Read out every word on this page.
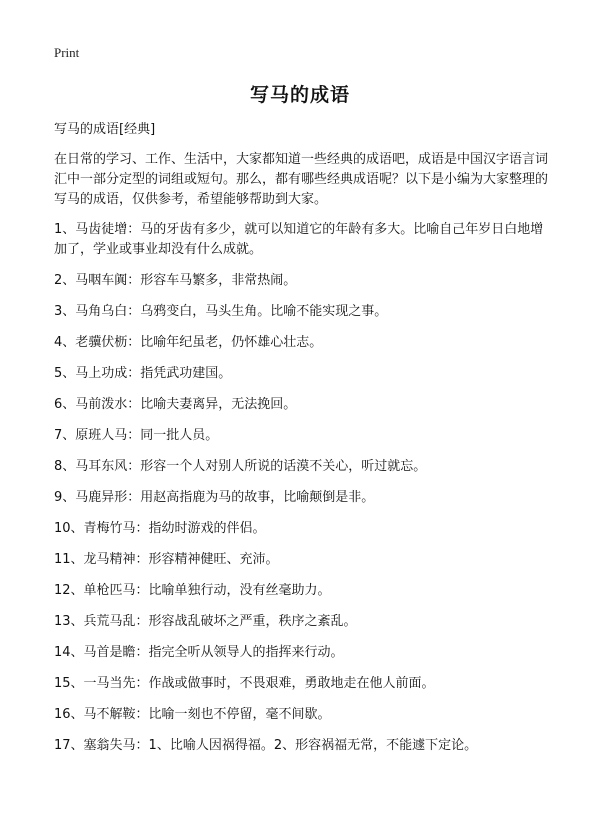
Print
写马的成语

写马的成语[经典]

在日常的学习、工作、生活中，大家都知道一些经典的成语吧，成语是中国汉字语言词汇中一部分定型的词组或短句。那么，都有哪些经典成语呢？以下是小编为大家整理的写马的成语，仅供参考，希望能够帮助到大家。

1、马齿徒增：马的牙齿有多少，就可以知道它的年龄有多大。比喻自己年岁日白地增加了，学业或事业却没有什么成就。
2、马咽车阗：形容车马繁多，非常热闹。
3、马角乌白：乌鸦变白，马头生角。比喻不能实现之事。
4、老骥伏枥：比喻年纪虽老，仍怀雄心壮志。
5、马上功成：指凭武功建国。
6、马前泼水：比喻夫妻离异，无法挽回。
7、原班人马：同一批人员。
8、马耳东风：形容一个人对别人所说的话漠不关心，听过就忘。
9、马鹿异形：用赵高指鹿为马的故事，比喻颠倒是非。
10、青梅竹马：指幼时游戏的伴侣。
11、龙马精神：形容精神健旺、充沛。
12、单枪匹马：比喻单独行动，没有丝毫助力。
13、兵荒马乱：形容战乱破坏之严重，秩序之紊乱。
14、马首是瞻：指完全听从领导人的指挥来行动。
15、一马当先：作战或做事时，不畏艰难，勇敢地走在他人前面。
16、马不解鞍：比喻一刻也不停留，毫不间歇。
17、塞翁失马：1、比喻人因祸得福。2、形容祸福无常，不能遽下定论。
